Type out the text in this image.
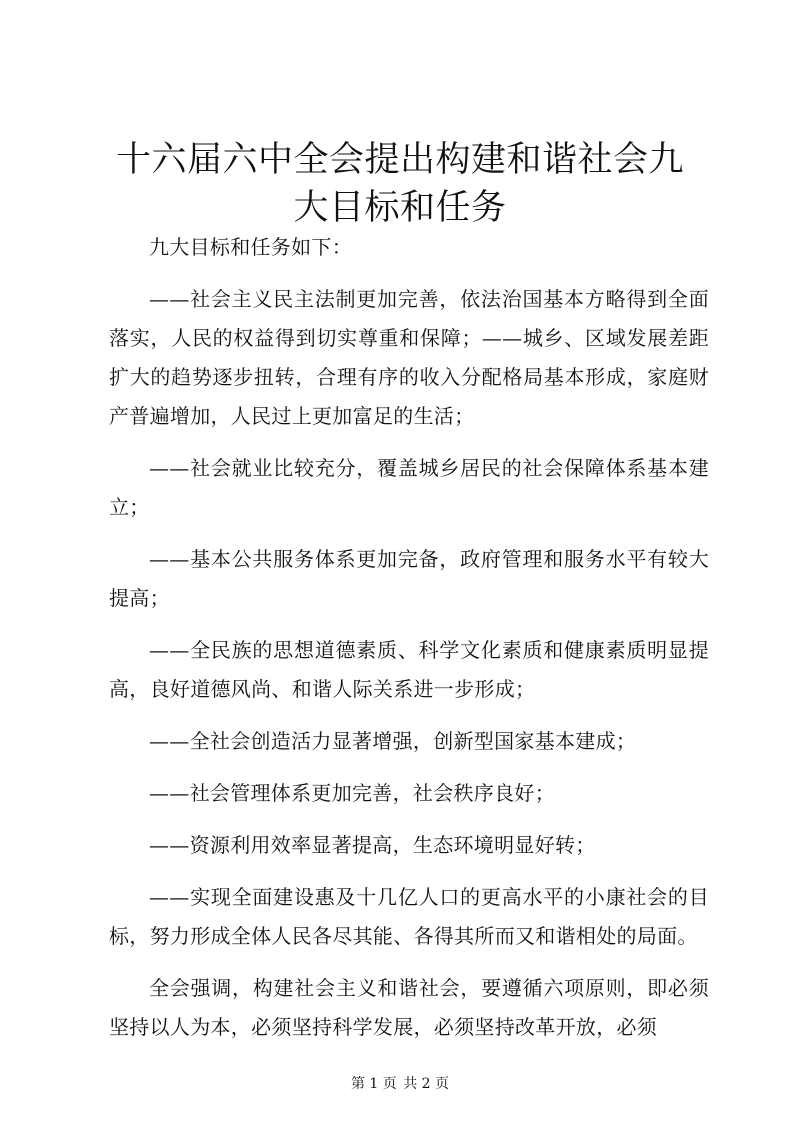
十六届六中全会提出构建和谐社会九大目标和任务

九大目标和任务如下：

——社会主义民主法制更加完善，依法治国基本方略得到全面落实，人民的权益得到切实尊重和保障；——城乡、区域发展差距扩大的趋势逐步扭转，合理有序的收入分配格局基本形成，家庭财产普遍增加，人民过上更加富足的生活；

——社会就业比较充分，覆盖城乡居民的社会保障体系基本建立；

——基本公共服务体系更加完备，政府管理和服务水平有较大提高；

——全民族的思想道德素质、科学文化素质和健康素质明显提高，良好道德风尚、和谐人际关系进一步形成；

——全社会创造活力显著增强，创新型国家基本建成；

——社会管理体系更加完善，社会秩序良好；

——资源利用效率显著提高，生态环境明显好转；

——实现全面建设惠及十几亿人口的更高水平的小康社会的目标，努力形成全体人民各尽其能、各得其所而又和谐相处的局面。

全会强调，构建社会主义和谐社会，要遵循六项原则，即必须坚持以人为本，必须坚持科学发展，必须坚持改革开放，必须

第 1 页 共 2 页
